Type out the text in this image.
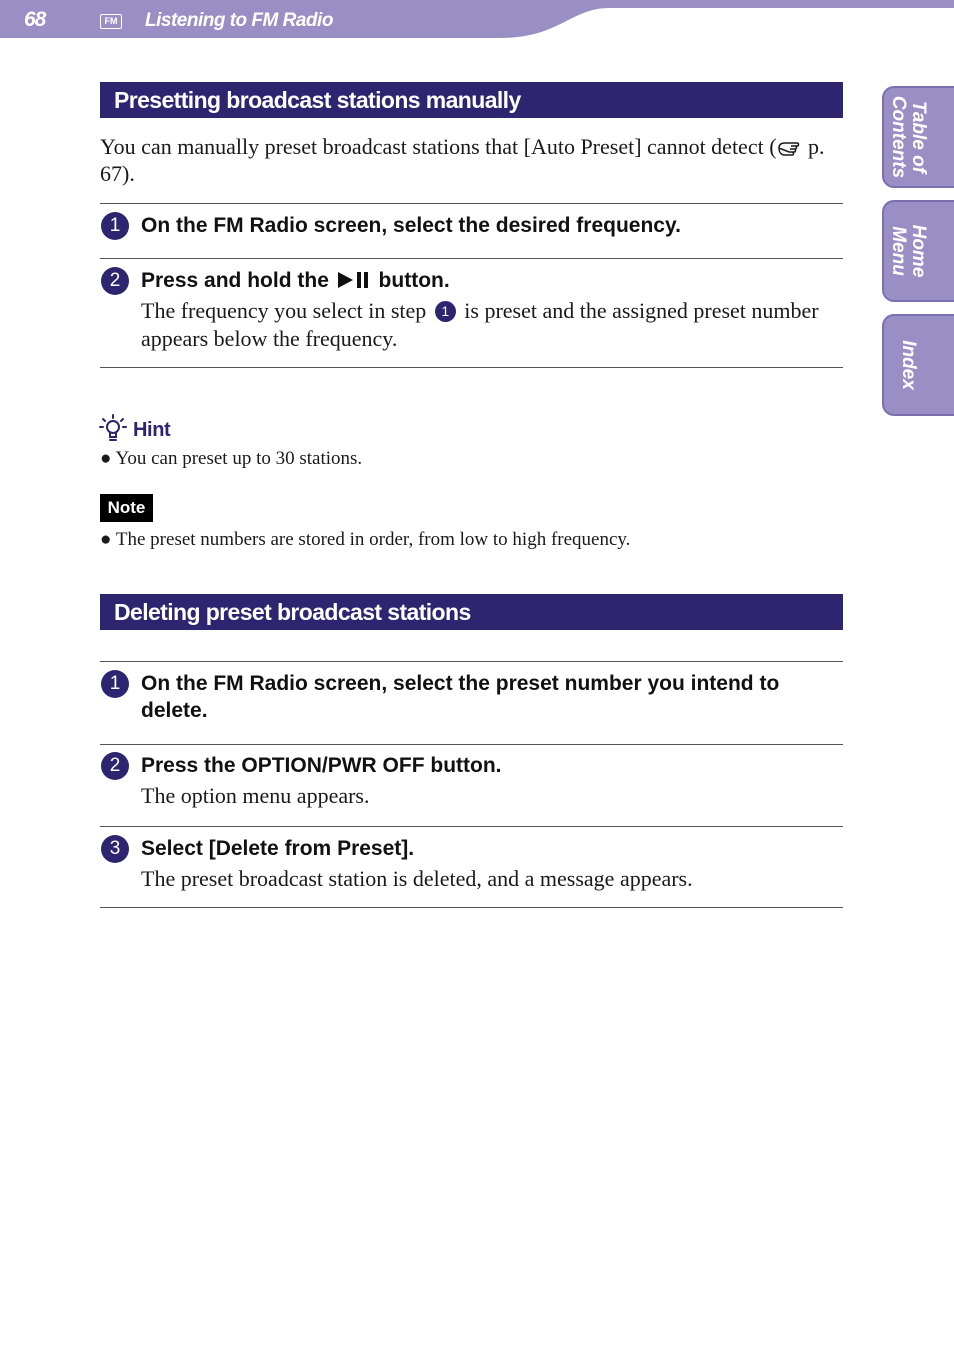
68	FM Listening to FM Radio
Table of
Contents
Home
Menu
Index
Presetting broadcast stations manually
You can manually preset broadcast stations that [Auto Preset] cannot detect ( p. 67).
1 On the FM Radio screen, select the desired frequency.
2 Press and hold the  button.
The frequency you select in step 1 is preset and the assigned preset number appears below the frequency.
Hint
● You can preset up to 30 stations.
Note
● The preset numbers are stored in order, from low to high frequency.
Deleting preset broadcast stations
1 On the FM Radio screen, select the preset number you intend to delete.
2 Press the OPTION/PWR OFF button.
The option menu appears.
3 Select [Delete from Preset].
The preset broadcast station is deleted, and a message appears.
